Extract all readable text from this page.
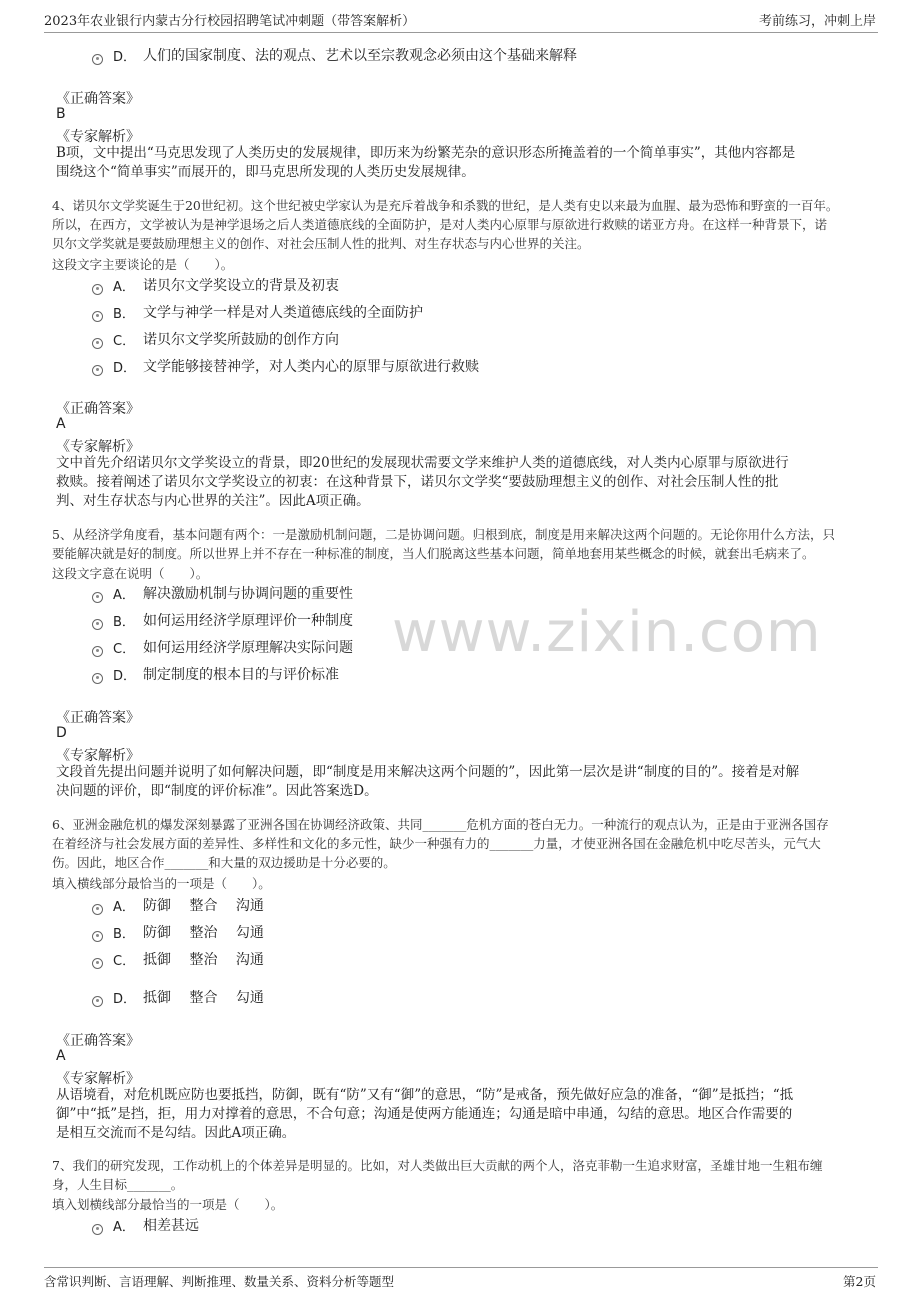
2023年农业银行内蒙古分行校园招聘笔试冲刺题（带答案解析）	考前练习，冲刺上岸
www.zixin.com
D． 人们的国家制度、法的观点、艺术以至宗教观念必须由这个基础来解释
《正确答案》
B
《专家解析》
B项，文中提出“马克思发现了人类历史的发展规律，即历来为纷繁芜杂的意识形态所掩盖着的一个简单事实”，其他内容都是
围绕这个“简单事实”而展开的，即马克思所发现的人类历史发展规律。
4、诺贝尔文学奖诞生于20世纪初。这个世纪被史学家认为是充斥着战争和杀戮的世纪，是人类有史以来最为血腥、最为恐怖和野蛮的一百年。
所以，在西方，文学被认为是神学退场之后人类道德底线的全面防护，是对人类内心原罪与原欲进行救赎的诺亚方舟。在这样一种背景下，诺
贝尔文学奖就是要鼓励理想主义的创作、对社会压制人性的批判、对生存状态与内心世界的关注。
这段文字主要谈论的是（　　）。
A． 诺贝尔文学奖设立的背景及初衷
B． 文学与神学一样是对人类道德底线的全面防护
C． 诺贝尔文学奖所鼓励的创作方向
D． 文学能够接替神学，对人类内心的原罪与原欲进行救赎
《正确答案》
A
《专家解析》
文中首先介绍诺贝尔文学奖设立的背景，即20世纪的发展现状需要文学来维护人类的道德底线，对人类内心原罪与原欲进行
救赎。接着阐述了诺贝尔文学奖设立的初衷：在这种背景下，诺贝尔文学奖“要鼓励理想主义的创作、对社会压制人性的批
判、对生存状态与内心世界的关注”。因此A项正确。
5、从经济学角度看，基本问题有两个：一是激励机制问题，二是协调问题。归根到底，制度是用来解决这两个问题的。无论你用什么方法，只
要能解决就是好的制度。所以世界上并不存在一种标准的制度，当人们脱离这些基本问题，简单地套用某些概念的时候，就套出毛病来了。
这段文字意在说明（　　）。
A． 解决激励机制与协调问题的重要性
B． 如何运用经济学原理评价一种制度
C． 如何运用经济学原理解决实际问题
D． 制定制度的根本目的与评价标准
《正确答案》
D
《专家解析》
文段首先提出问题并说明了如何解决问题，即“制度是用来解决这两个问题的”，因此第一层次是讲“制度的目的”。接着是对解
决问题的评价，即“制度的评价标准”。因此答案选D。
6、亚洲金融危机的爆发深刻暴露了亚洲各国在协调经济政策、共同_______危机方面的苍白无力。一种流行的观点认为，正是由于亚洲各国存
在着经济与社会发展方面的差异性、多样性和文化的多元性，缺少一种强有力的_______力量，才使亚洲各国在金融危机中吃尽苦头，元气大
伤。因此，地区合作_______和大量的双边援助是十分必要的。
填入横线部分最恰当的一项是（　　）。
A． 防御　 整合　 沟通
B． 防御　 整治　 勾通
C． 抵御　 整治　 沟通
D． 抵御　 整合　 勾通
《正确答案》
A
《专家解析》
从语境看，对危机既应防也要抵挡，防御，既有“防”又有“御”的意思，“防”是戒备，预先做好应急的准备，“御”是抵挡；“抵
御”中“抵”是挡，拒，用力对撑着的意思，不合句意；沟通是使两方能通连；勾通是暗中串通，勾结的意思。地区合作需要的
是相互交流而不是勾结。因此A项正确。
7、我们的研究发现，工作动机上的个体差异是明显的。比如，对人类做出巨大贡献的两个人，洛克菲勒一生追求财富，圣雄甘地一生粗布缠
身，人生目标_______。
填入划横线部分最恰当的一项是（　　）。
A． 相差甚远
含常识判断、言语理解、判断推理、数量关系、资料分析等题型	第2页
